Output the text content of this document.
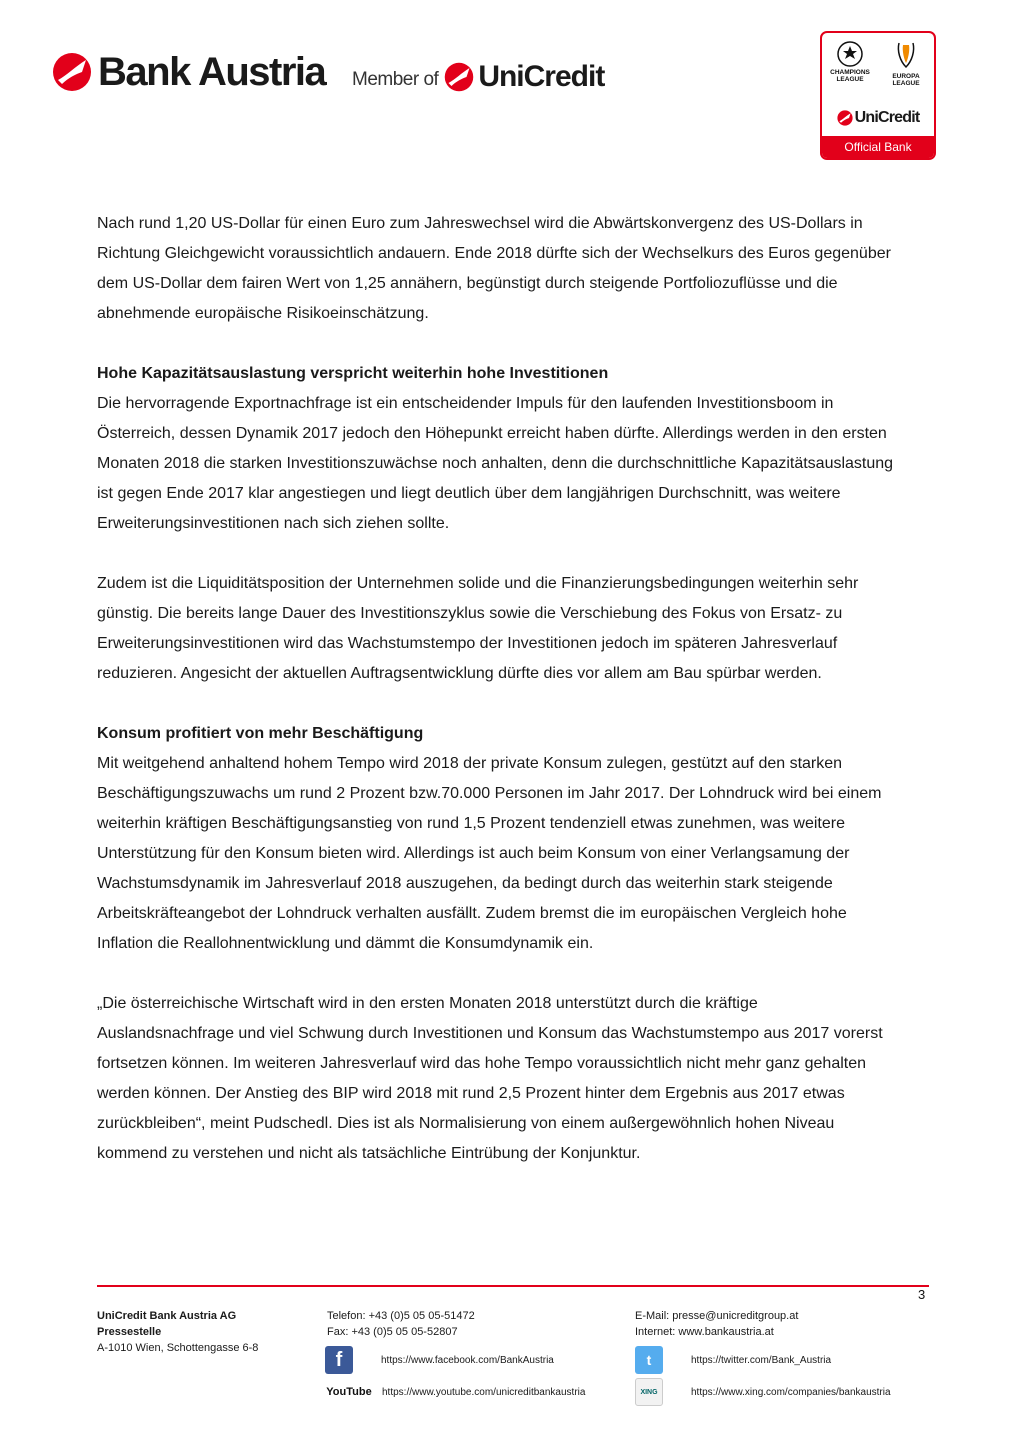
Bank Austria Member of UniCredit	CHAMPIONS LEAGUE	EUROPA LEAGUE
UniCredit
Official Bank

Nach rund 1,20 US-Dollar für einen Euro zum Jahreswechsel wird die Abwärtskonvergenz des US-Dollars in Richtung Gleichgewicht voraussichtlich andauern. Ende 2018 dürfte sich der Wechselkurs des Euros gegenüber dem US-Dollar dem fairen Wert von 1,25 annähern, begünstigt durch steigende Portfoliozuflüsse und die abnehmende europäische Risikoeinschätzung.

Hohe Kapazitätsauslastung verspricht weiterhin hohe Investitionen

Die hervorragende Exportnachfrage ist ein entscheidender Impuls für den laufenden Investitionsboom in Österreich, dessen Dynamik 2017 jedoch den Höhepunkt erreicht haben dürfte. Allerdings werden in den ersten Monaten 2018 die starken Investitionszuwächse noch anhalten, denn die durchschnittliche Kapazitätsauslastung ist gegen Ende 2017 klar angestiegen und liegt deutlich über dem langjährigen Durchschnitt, was weitere Erweiterungsinvestitionen nach sich ziehen sollte.

Zudem ist die Liquiditätsposition der Unternehmen solide und die Finanzierungsbedingungen weiterhin sehr günstig. Die bereits lange Dauer des Investitionszyklus sowie die Verschiebung des Fokus von Ersatz- zu Erweiterungsinvestitionen wird das Wachstumstempo der Investitionen jedoch im späteren Jahresverlauf reduzieren. Angesicht der aktuellen Auftragsentwicklung dürfte dies vor allem am Bau spürbar werden.

Konsum profitiert von mehr Beschäftigung

Mit weitgehend anhaltend hohem Tempo wird 2018 der private Konsum zulegen, gestützt auf den starken Beschäftigungszuwachs um rund 2 Prozent bzw.70.000 Personen im Jahr 2017. Der Lohndruck wird bei einem weiterhin kräftigen Beschäftigungsanstieg von rund 1,5 Prozent tendenziell etwas zunehmen, was weitere Unterstützung für den Konsum bieten wird. Allerdings ist auch beim Konsum von einer Verlangsamung der Wachstumsdynamik im Jahresverlauf 2018 auszugehen, da bedingt durch das weiterhin stark steigende Arbeitskräfteangebot der Lohndruck verhalten ausfällt. Zudem bremst die im europäischen Vergleich hohe Inflation die Reallohnentwicklung und dämmt die Konsumdynamik ein.

„Die österreichische Wirtschaft wird in den ersten Monaten 2018 unterstützt durch die kräftige Auslandsnachfrage und viel Schwung durch Investitionen und Konsum das Wachstumstempo aus 2017 vorerst fortsetzen können. Im weiteren Jahresverlauf wird das hohe Tempo voraussichtlich nicht mehr ganz gehalten werden können. Der Anstieg des BIP wird 2018 mit rund 2,5 Prozent hinter dem Ergebnis aus 2017 etwas zurückbleiben“, meint Pudschedl. Dies ist als Normalisierung von einem außergewöhnlich hohen Niveau kommend zu verstehen und nicht als tatsächliche Eintrübung der Konjunktur.

3
UniCredit Bank Austria AG
Pressestelle
A-1010 Wien, Schottengasse 6-8
Telefon: +43 (0)5 05 05-51472
Fax: +43 (0)5 05 05-52807
E-Mail: presse@unicreditgroup.at
Internet: www.bankaustria.at
f	https://www.facebook.com/BankAustria
YouTube https://www.youtube.com/unicreditbankaustria
t	https://twitter.com/Bank_Austria
XING	https://www.xing.com/companies/bankaustria
